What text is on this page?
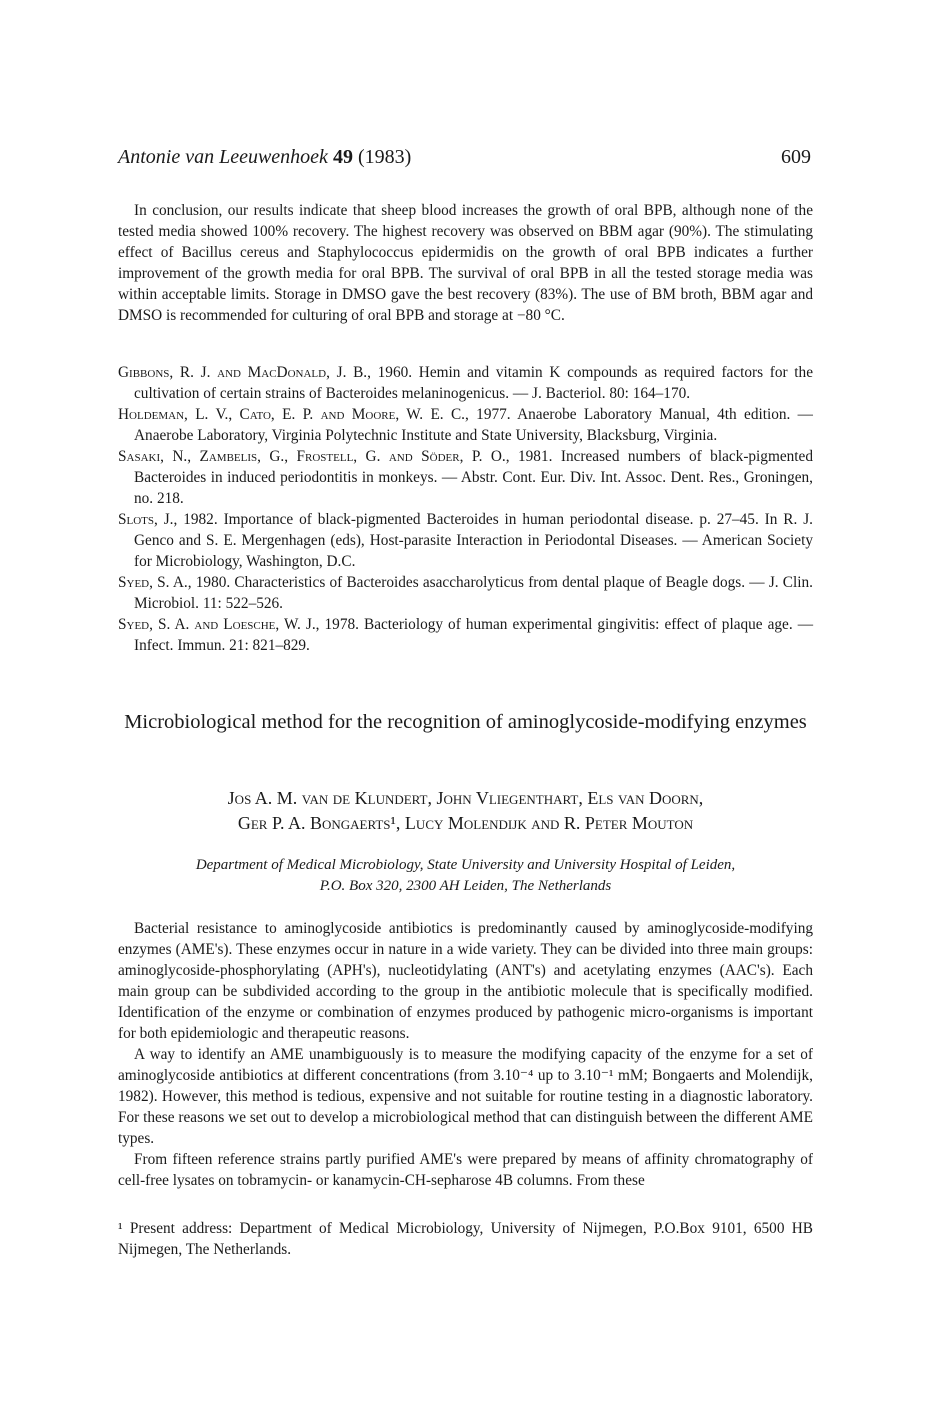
Antonie van Leeuwenhoek 49 (1983)	609

In conclusion, our results indicate that sheep blood increases the growth of oral BPB, although none of the tested media showed 100% recovery. The highest recovery was observed on BBM agar (90%). The stimulating effect of Bacillus cereus and Staphylococcus epidermidis on the growth of oral BPB indicates a further improvement of the growth media for oral BPB. The survival of oral BPB in all the tested storage media was within acceptable limits. Storage in DMSO gave the best recovery (83%). The use of BM broth, BBM agar and DMSO is recommended for culturing of oral BPB and storage at −80 °C.

Gibbons, R. J. and MacDonald, J. B., 1960. Hemin and vitamin K compounds as required factors for the cultivation of certain strains of Bacteroides melaninogenicus. — J. Bacteriol. 80: 164–170.
Holdeman, L. V., Cato, E. P. and Moore, W. E. C., 1977. Anaerobe Laboratory Manual, 4th edition. — Anaerobe Laboratory, Virginia Polytechnic Institute and State University, Blacksburg, Virginia.
Sasaki, N., Zambelis, G., Frostell, G. and Söder, P. O., 1981. Increased numbers of black-pigmented Bacteroides in induced periodontitis in monkeys. — Abstr. Cont. Eur. Div. Int. Assoc. Dent. Res., Groningen, no. 218.
Slots, J., 1982. Importance of black-pigmented Bacteroides in human periodontal disease. p. 27–45. In R. J. Genco and S. E. Mergenhagen (eds), Host-parasite Interaction in Periodontal Diseases. — American Society for Microbiology, Washington, D.C.
Syed, S. A., 1980. Characteristics of Bacteroides asaccharolyticus from dental plaque of Beagle dogs. — J. Clin. Microbiol. 11: 522–526.
Syed, S. A. and Loesche, W. J., 1978. Bacteriology of human experimental gingivitis: effect of plaque age. — Infect. Immun. 21: 821–829.
Microbiological method for the recognition of aminoglycoside-modifying enzymes
Jos A. M. van de Klundert, John Vliegenthart, Els van Doorn,
Ger P. A. Bongaerts¹, Lucy Molendijk and R. Peter Mouton
Department of Medical Microbiology, State University and University Hospital of Leiden,
P.O. Box 320, 2300 AH Leiden, The Netherlands

Bacterial resistance to aminoglycoside antibiotics is predominantly caused by aminoglycoside-modifying enzymes (AME's). These enzymes occur in nature in a wide variety. They can be divided into three main groups: aminoglycoside-phosphorylating (APH's), nucleotidylating (ANT's) and acetylating enzymes (AAC's). Each main group can be subdivided according to the group in the antibiotic molecule that is specifically modified. Identification of the enzyme or combination of enzymes produced by pathogenic micro-organisms is important for both epidemiologic and therapeutic reasons.

A way to identify an AME unambiguously is to measure the modifying capacity of the enzyme for a set of aminoglycoside antibiotics at different concentrations (from 3.10⁻⁴ up to 3.10⁻¹ mM; Bongaerts and Molendijk, 1982). However, this method is tedious, expensive and not suitable for routine testing in a diagnostic laboratory. For these reasons we set out to develop a microbiological method that can distinguish between the different AME types.

From fifteen reference strains partly purified AME's were prepared by means of affinity chromatography of cell-free lysates on tobramycin- or kanamycin-CH-sepharose 4B columns. From these

¹ Present address: Department of Medical Microbiology, University of Nijmegen, P.O.Box 9101, 6500 HB Nijmegen, The Netherlands.
